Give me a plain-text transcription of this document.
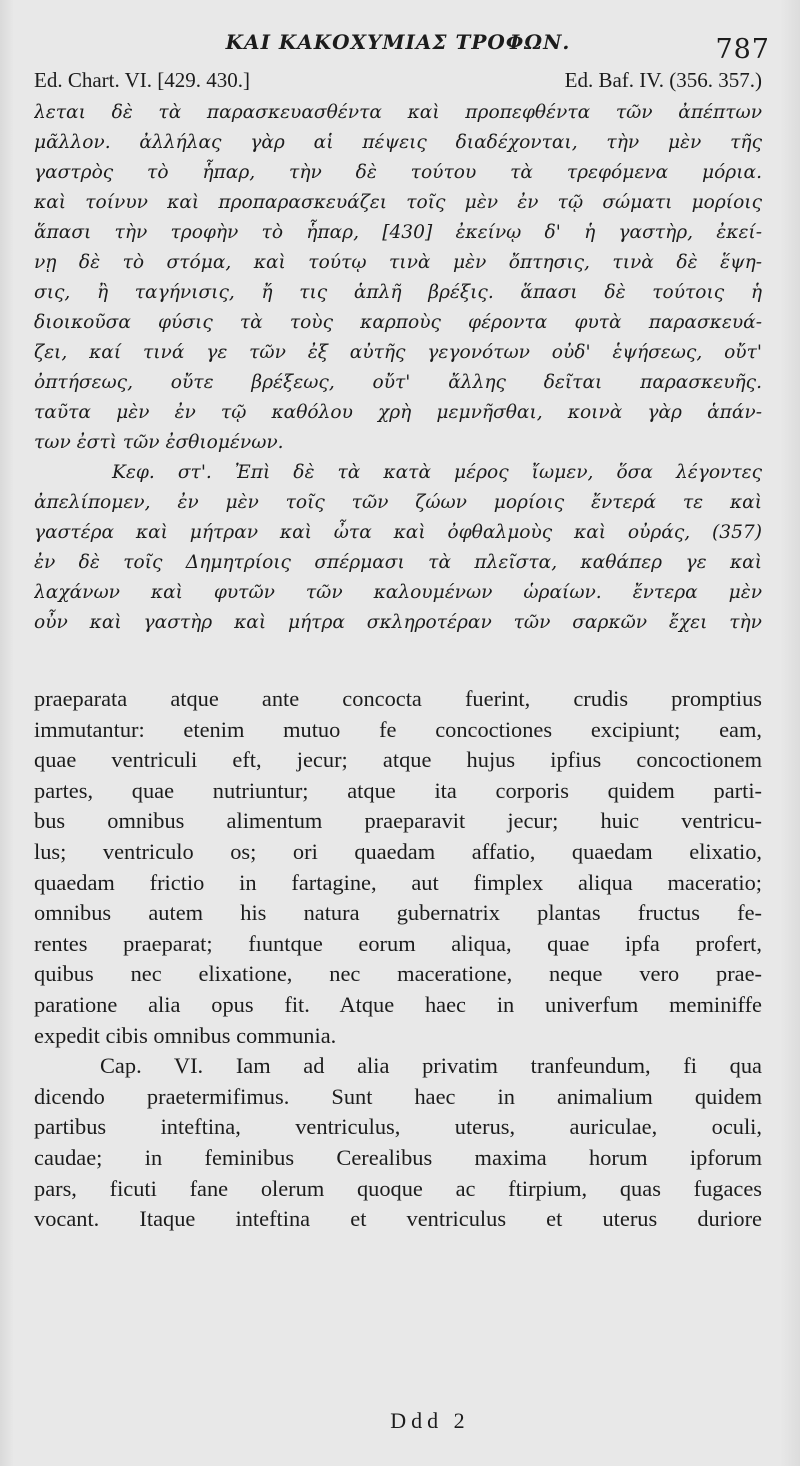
ΚΑΙ ΚΑΚΟΧΥΜΙΑΣ ΤΡΟΦΩΝ.	787
Ed. Chart. VI. [429. 430.]	Ed. Baf. IV. (356. 357.)

λεται δὲ τὰ παρασκευασθέντα καὶ προπεφθέντα τῶν ἀπέπτων

μᾶλλον. ἀλλήλας γὰρ αἱ πέψεις διαδέχονται, τὴν μὲν τῆς

γαστρὸς τὸ ἧπαρ, τὴν δὲ τούτου τὰ τρεφόμενα μόρια.

καὶ τοίνυν καὶ προπαρασκευάζει τοῖς μὲν ἐν τῷ σώματι μορίοις

ἅπασι τὴν τροφὴν τὸ ἧπαρ, [430] ἐκείνῳ δ' ἡ γαστὴρ, ἐκεί-

νῃ δὲ τὸ στόμα, καὶ τούτῳ τινὰ μὲν ὄπτησις, τινὰ δὲ ἕψη-

σις, ἢ ταγήνισις, ἤ τις ἁπλῆ βρέξις. ἅπασι δὲ τούτοις ἡ

διοικοῦσα φύσις τὰ τοὺς καρποὺς φέροντα φυτὰ παρασκευά-

ζει, καί τινά γε τῶν ἐξ αὐτῆς γεγονότων οὐδ' ἑψήσεως, οὔτ'

ὀπτήσεως, οὔτε βρέξεως, οὔτ' ἄλλης δεῖται παρασκευῆς.

ταῦτα μὲν ἐν τῷ καθόλου χρὴ μεμνῆσθαι, κοινὰ γὰρ ἁπάν-

των ἐστὶ τῶν ἐσθιομένων.

Κεφ. στ'. Ἐπὶ δὲ τὰ κατὰ μέρος ἴωμεν, ὅσα λέγοντες

ἀπελίπομεν, ἐν μὲν τοῖς τῶν ζώων μορίοις ἔντερά τε καὶ

γαστέρα καὶ μήτραν καὶ ὦτα καὶ ὀφθαλμοὺς καὶ οὐράς, (357)

ἐν δὲ τοῖς Δημητρίοις σπέρμασι τὰ πλεῖστα, καθάπερ γε καὶ

λαχάνων καὶ φυτῶν τῶν καλουμένων ὡραίων. ἔντερα μὲν

οὖν καὶ γαστὴρ καὶ μήτρα σκληροτέραν τῶν σαρκῶν ἔχει τὴν

praeparata atque ante concocta fuerint, crudis promptius

immutantur: etenim mutuo fe concoctiones excipiunt; eam,

quae ventriculi eft, jecur; atque hujus ipfius concoctionem

partes, quae nutriuntur; atque ita corporis quidem parti-

bus omnibus alimentum praeparavit jecur; huic ventricu-

lus; ventriculo os; ori quaedam affatio, quaedam elixatio,

quaedam frictio in fartagine, aut fimplex aliqua maceratio;

omnibus autem his natura gubernatrix plantas fructus fe-

rentes praeparat; fıuntque eorum aliqua, quae ipfa profert,

quibus nec elixatione, nec maceratione, neque vero prae-

paratione alia opus fit. Atque haec in univerfum meminiffe

expedit cibis omnibus communia.

Cap. VI. Iam ad alia privatim tranfeundum, fi qua

dicendo praetermifimus. Sunt haec in animalium quidem

partibus inteftina, ventriculus, uterus, auriculae, oculi,

caudae; in feminibus Cerealibus maxima horum ipforum

pars, ficuti fane olerum quoque ac ftirpium, quas fugaces

vocant. Itaque inteftina et ventriculus et uterus duriore

Ddd 2
